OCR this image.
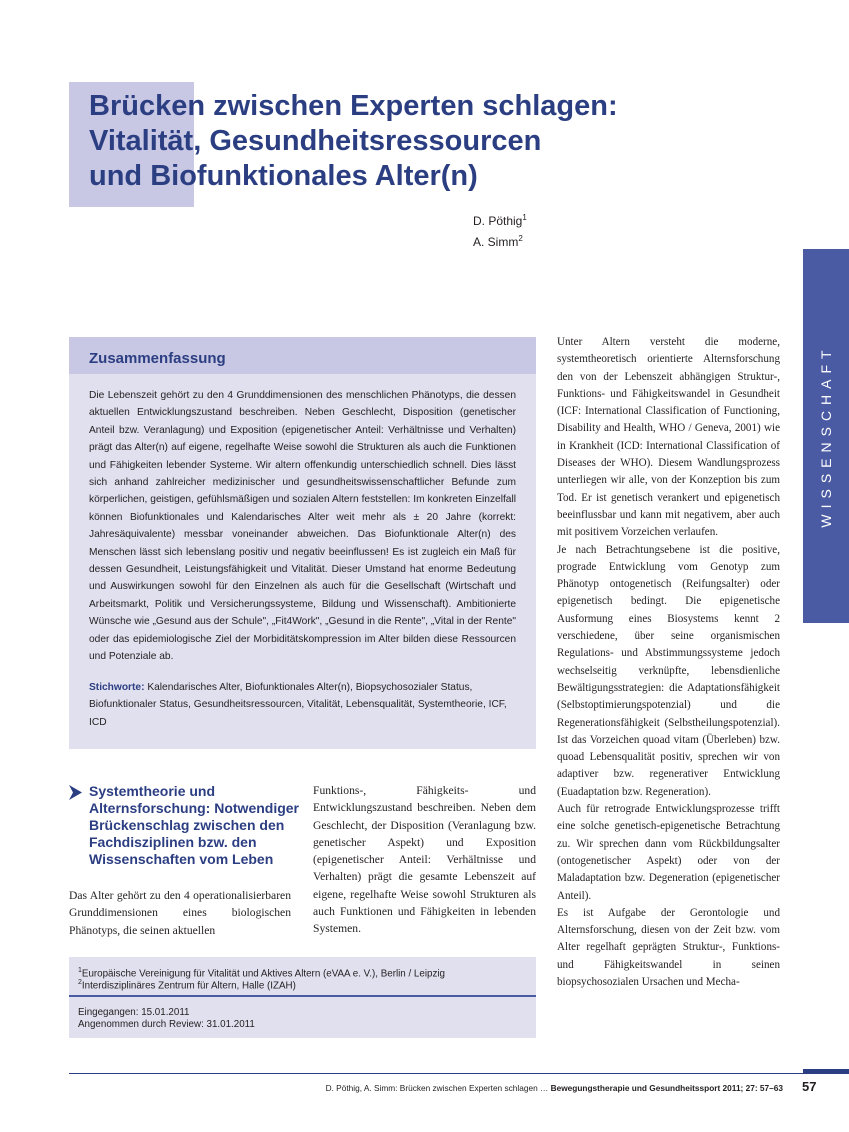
Brücken zwischen Experten schlagen:
Vitalität, Gesundheitsressourcen
und Biofunktionales Alter(n)
D. Pöthig$^1$
A. Simm$^2$
WISSENSCHAFT
Zusammenfassung

Die Lebenszeit gehört zu den 4 Grunddimensionen des menschlichen Phänotyps, die dessen aktuellen Entwicklungszustand beschreiben. Neben Geschlecht, Disposition (genetischer Anteil bzw. Veranlagung) und Exposition (epigenetischer Anteil: Verhältnisse und Verhalten) prägt das Alter(n) auf eigene, regelhafte Weise sowohl die Strukturen als auch die Funktionen und Fähigkeiten lebender Systeme. Wir altern offenkundig unterschiedlich schnell. Dies lässt sich anhand zahlreicher medizinischer und gesundheitswissenschaftlicher Befunde zum körperlichen, geistigen, gefühlsmäßigen und sozialen Altern feststellen: Im konkreten Einzelfall können Biofunktionales und Kalendarisches Alter weit mehr als ± 20 Jahre (korrekt: Jahresäquivalente) messbar voneinander abweichen. Das Biofunktionale Alter(n) des Menschen lässt sich lebenslang positiv und negativ beeinflussen! Es ist zugleich ein Maß für dessen Gesundheit, Leistungsfähigkeit und Vitalität. Dieser Umstand hat enorme Bedeutung und Auswirkungen sowohl für den Einzelnen als auch für die Gesellschaft (Wirtschaft und Arbeitsmarkt, Politik und Versicherungssysteme, Bildung und Wissenschaft). Ambitionierte Wünsche wie „Gesund aus der Schule", „Fit4Work", „Gesund in die Rente", „Vital in der Rente" oder das epidemiologische Ziel der Morbiditätskompression im Alter bilden diese Ressourcen und Potenziale ab.

Stichworte: Kalendarisches Alter, Biofunktionales Alter(n), Biopsychosozialer Status, Biofunktionaler Status, Gesundheitsressourcen, Vitalität, Lebensqualität, Systemtheorie, ICF, ICD

Systemtheorie und Alternsforschung: Notwendiger Brückenschlag zwischen den Fachdisziplinen bzw. den Wissenschaften vom Leben

Das Alter gehört zu den 4 operationalisierbaren Grunddimensionen eines biologischen Phänotyps, die seinen aktuellen

Funktions-, Fähigkeits- und Entwicklungszustand beschreiben. Neben dem Geschlecht, der Disposition (Veranlagung bzw. genetischer Aspekt) und Exposition (epigenetischer Anteil: Verhältnisse und Verhalten) prägt die gesamte Lebenszeit auf eigene, regelhafte Weise sowohl Strukturen als auch Funktionen und Fähigkeiten in lebenden Systemen.

Unter Altern versteht die moderne, systemtheoretisch orientierte Alternsforschung den von der Lebenszeit abhängigen Struktur-, Funktions- und Fähigkeitswandel in Gesundheit (ICF: International Classification of Functioning, Disability and Health, WHO / Geneva, 2001) wie in Krankheit (ICD: International Classification of Diseases der WHO). Diesem Wandlungsprozess unterliegen wir alle, von der Konzeption bis zum Tod. Er ist genetisch verankert und epigenetisch beeinflussbar und kann mit negativem, aber auch mit positivem Vorzeichen verlaufen.

Je nach Betrachtungsebene ist die positive, prograde Entwicklung vom Genotyp zum Phänotyp ontogenetisch (Reifungsalter) oder epigenetisch bedingt. Die epigenetische Ausformung eines Biosystems kennt 2 verschiedene, über seine organismischen Regulations- und Abstimmungssysteme jedoch wechselseitig verknüpfte, lebensdienliche Bewältigungsstrategien: die Adaptationsfähigkeit (Selbstoptimierungspotenzial) und die Regenerationsfähigkeit (Selbstheilungspotenzial). Ist das Vorzeichen quoad vitam (Überleben) bzw. quoad Lebensqualität positiv, sprechen wir von adaptiver bzw. regenerativer Entwicklung (Euadaptation bzw. Regeneration).

Auch für retrograde Entwicklungsprozesse trifft eine solche genetisch-epigenetische Betrachtung zu. Wir sprechen dann vom Rückbildungsalter (ontogenetischer Aspekt) oder von der Maladaptation bzw. Degeneration (epigenetischer Anteil).

Es ist Aufgabe der Gerontologie und Alternsforschung, diesen von der Zeit bzw. vom Alter regelhaft geprägten Struktur-, Funktions- und Fähigkeitswandel in seinen biopsychosozialen Ursachen und Mecha-

$^1$Europäische Vereinigung für Vitalität und Aktives Altern (eVAA e. V.), Berlin / Leipzig

$^2$Interdisziplinäres Zentrum für Altern, Halle (IZAH)

Eingegangen: 15.01.2011
Angenommen durch Review: 31.01.2011
D. Pöthig, A. Simm: Brücken zwischen Experten schlagen … Bewegungstherapie und Gesundheitssport 2011; 27: 57–63 57
